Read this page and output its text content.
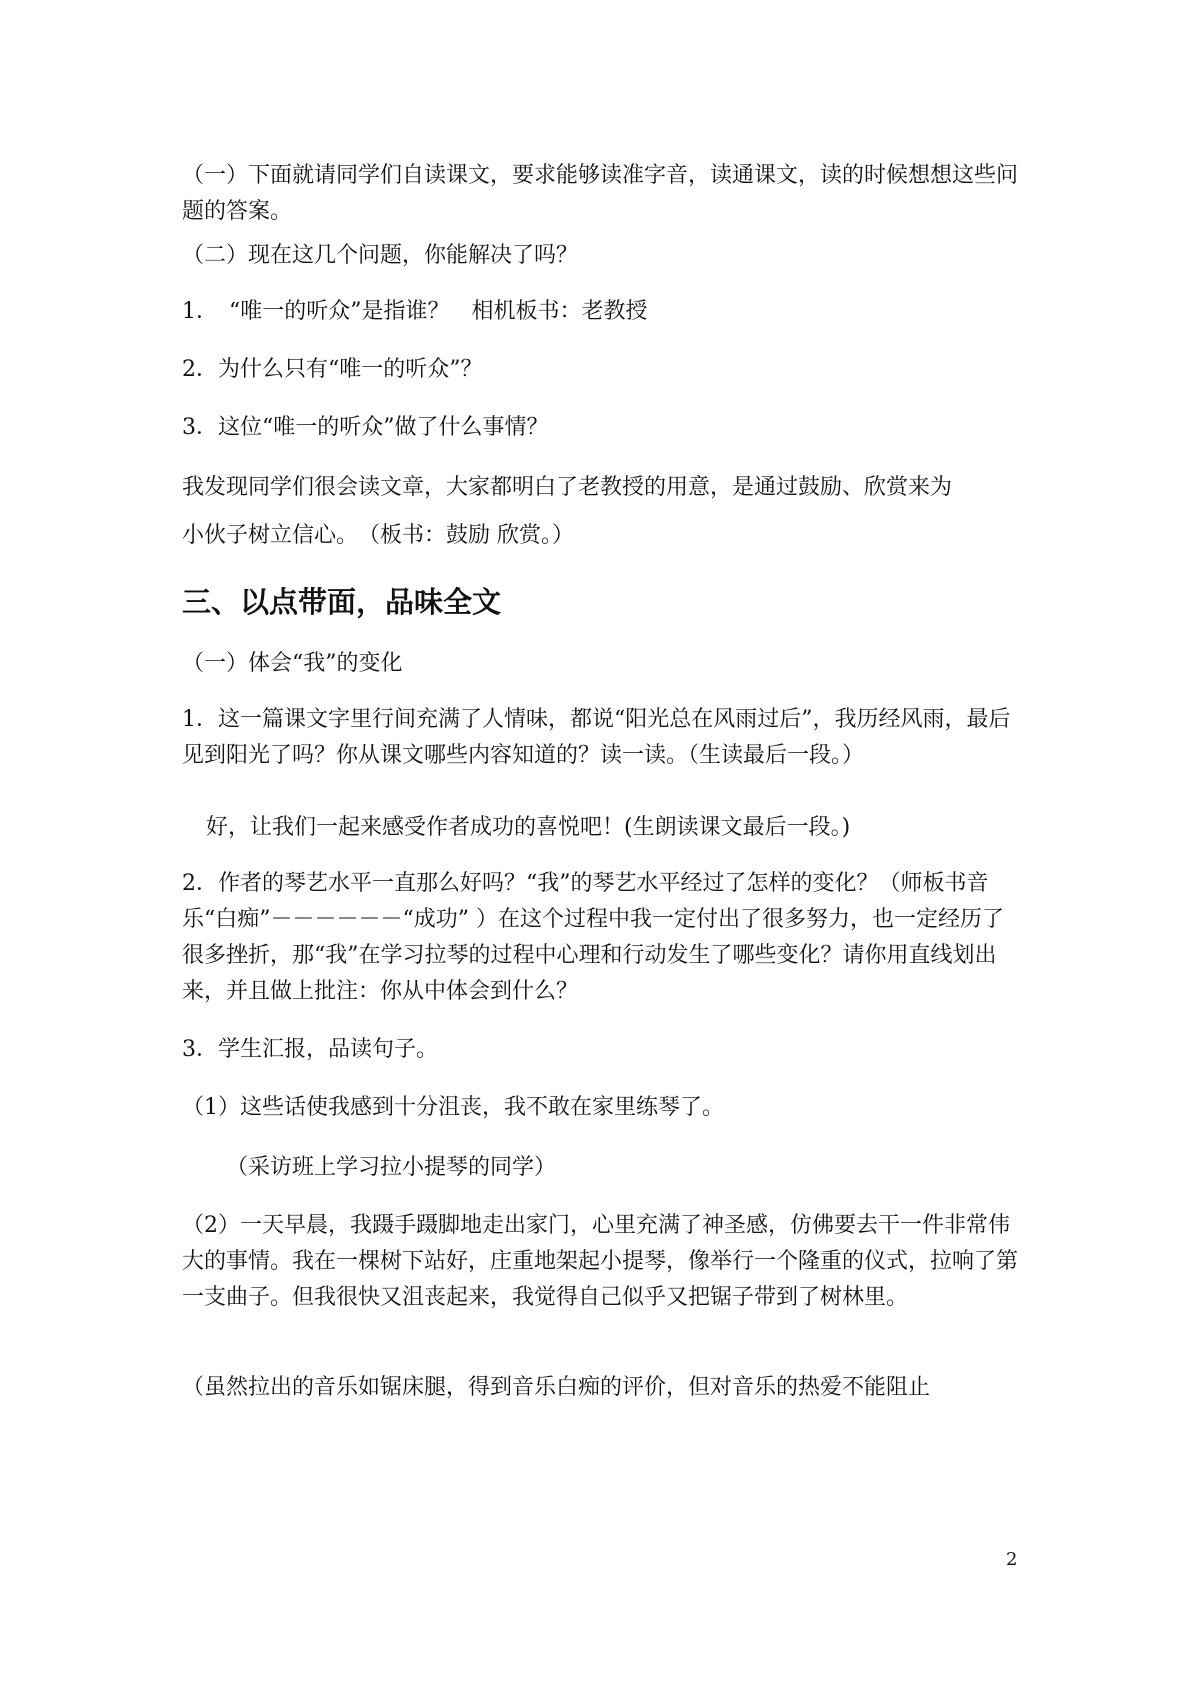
（一）下面就请同学们自读课文，要求能够读准字音，读通课文，读的时候想想这些问题的答案。

（二）现在这几个问题，你能解决了吗？

1．　“唯一的听众”是指谁？　相机板书：老教授

2．为什么只有“唯一的听众”？

3．这位“唯一的听众”做了什么事情？

我发现同学们很会读文章，大家都明白了老教授的用意，是通过鼓励、欣赏来为

小伙子树立信心。　（板书：鼓励 欣赏。）

三、以点带面，品味全文

（一）体会“我”的变化

1．这一篇课文字里行间充满了人情味，都说“阳光总在风雨过后”，我历经风雨，最后见到阳光了吗？你从课文哪些内容知道的？读一读。（生读最后一段。）

好，让我们一起来感受作者成功的喜悦吧！(生朗读课文最后一段。)

2．作者的琴艺水平一直那么好吗？“我”的琴艺水平经过了怎样的变化？（师板书音乐“白痴”－－－－－－“成功” ）在这个过程中我一定付出了很多努力，也一定经历了很多挫折，那“我”在学习拉琴的过程中心理和行动发生了哪些变化？请你用直线划出来，并且做上批注：你从中体会到什么？

3．学生汇报，品读句子。

（1）这些话使我感到十分沮丧，我不敢在家里练琴了。

（采访班上学习拉小提琴的同学）

（2）一天早晨，我蹑手蹑脚地走出家门，心里充满了神圣感，仿佛要去干一件非常伟大的事情。我在一棵树下站好，庄重地架起小提琴，像举行一个隆重的仪式，拉响了第一支曲子。但我很快又沮丧起来，我觉得自己似乎又把锯子带到了树林里。

（虽然拉出的音乐如锯床腿，得到音乐白痴的评价，但对音乐的热爱不能阻止

2
